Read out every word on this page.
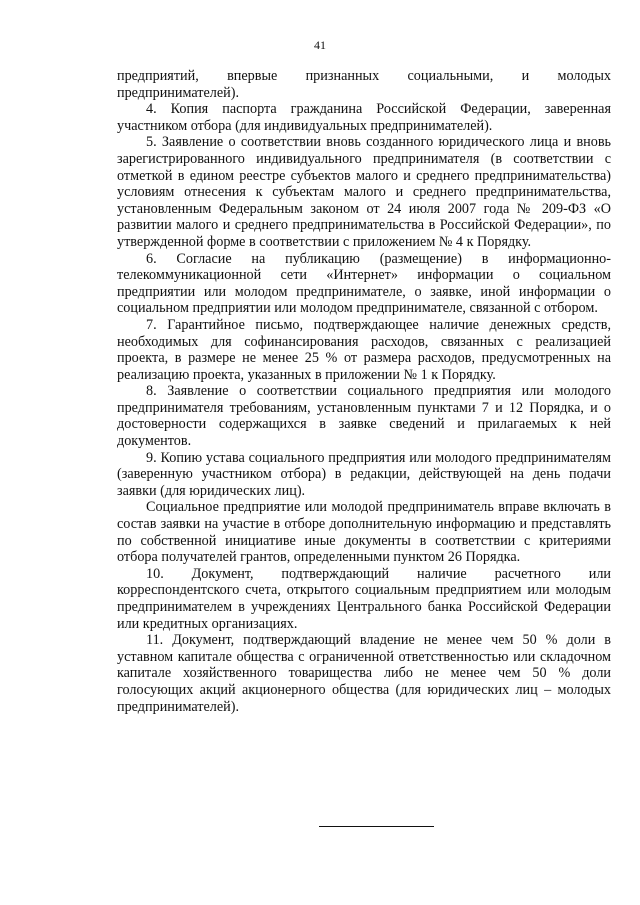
41

предприятий, впервые признанных социальными, и молодых предпринимателей).

4. Копия паспорта гражданина Российской Федерации, заверенная участником отбора (для индивидуальных предпринимателей).

5. Заявление о соответствии вновь созданного юридического лица и вновь зарегистрированного индивидуального предпринимателя (в соответствии с отметкой в едином реестре субъектов малого и среднего предпринимательства) условиям отнесения к субъектам малого и среднего предпринимательства, установленным Федеральным законом от 24 июля 2007 года № 209-ФЗ «О развитии малого и среднего предпринимательства в Российской Федерации», по утвержденной форме в соответствии с приложением № 4 к Порядку.

6. Согласие на публикацию (размещение) в информационно-телекоммуникационной сети «Интернет» информации о социальном предприятии или молодом предпринимателе, о заявке, иной информации о социальном предприятии или молодом предпринимателе, связанной с отбором.

7. Гарантийное письмо, подтверждающее наличие денежных средств, необходимых для софинансирования расходов, связанных с реализацией проекта, в размере не менее 25 % от размера расходов, предусмотренных на реализацию проекта, указанных в приложении № 1 к Порядку.

8. Заявление о соответствии социального предприятия или молодого предпринимателя требованиям, установленным пунктами 7 и 12 Порядка, и о достоверности содержащихся в заявке сведений и прилагаемых к ней документов.

9. Копию устава социального предприятия или молодого предпринимателям (заверенную участником отбора) в редакции, действующей на день подачи заявки (для юридических лиц).

Социальное предприятие или молодой предприниматель вправе включать в состав заявки на участие в отборе дополнительную информацию и представлять по собственной инициативе иные документы в соответствии с критериями отбора получателей грантов, определенными пунктом 26 Порядка.

10. Документ, подтверждающий наличие расчетного или корреспондентского счета, открытого социальным предприятием или молодым предпринимателем в учреждениях Центрального банка Российской Федерации или кредитных организациях.

11. Документ, подтверждающий владение не менее чем 50 % доли в уставном капитале общества с ограниченной ответственностью или складочном капитале хозяйственного товарищества либо не менее чем 50 % доли голосующих акций акционерного общества (для юридических лиц – молодых предпринимателей).
